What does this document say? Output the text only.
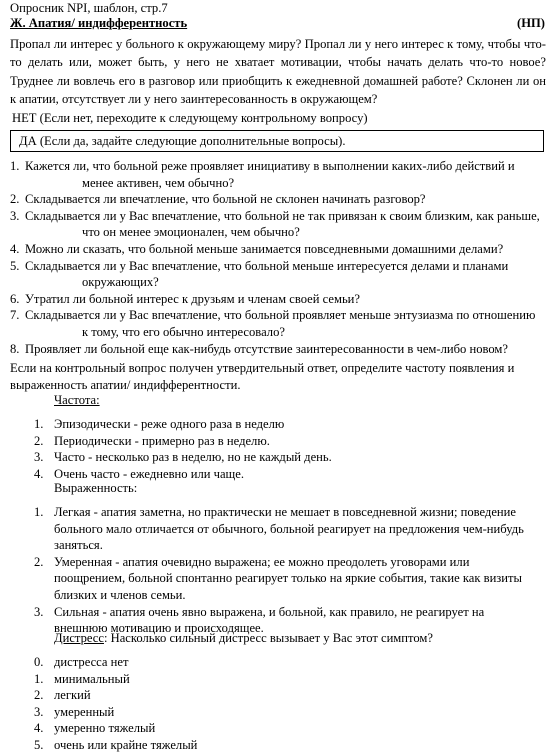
Опросник NPI, шаблон, стр.7
Ж. Апатия/ индифферентность	(НП)
Пропал ли интерес у больного к окружающему миру? Пропал ли у него интерес к тому, чтобы что-то делать или, может быть, у него не хватает мотивации, чтобы начать делать что-то новое? Труднее ли вовлечь его в разговор или приобщить к ежедневной домашней работе? Склонен ли он к апатии, отсутствует ли у него заинтересованность в окружающем?
НЕТ (Если нет, переходите к следующему контрольному вопросу)
ДА (Если да, задайте следующие дополнительные вопросы).
1. Кажется ли, что больной реже проявляет инициативу в выполнении каких-либо действий и
менее активен, чем обычно?
2. Складывается ли впечатление, что больной не склонен начинать разговор?
3. Складывается ли у Вас впечатление, что больной не так привязан к своим близким, как раньше,
что он менее эмоционален, чем обычно?
4. Можно ли сказать, что больной меньше занимается повседневными домашними делами?
5. Складывается ли у Вас впечатление, что больной меньше интересуется делами и планами
окружающих?
6. Утратил ли больной интерес к друзьям и членам своей семьи?
7. Складывается ли у Вас впечатление, что больной проявляет меньше энтузиазма по отношению
к тому, что его обычно интересовало?
8. Проявляет ли больной еще как-нибудь отсутствие заинтересованности в чем-либо новом?
Если на контрольный вопрос получен утвердительный ответ, определите частоту появления и выраженность апатии/ индифферентности.
Частота:
1. Эпизодически - реже одного раза в неделю
2. Периодически - примерно раз в неделю.
3. Часто - несколько раз в неделю, но не каждый день.
4. Очень часто - ежедневно или чаще.
Выраженность:
1. Легкая - апатия заметна, но практически не мешает в повседневной жизни; поведение больного мало отличается от обычного, больной реагирует на предложения чем-нибудь заняться.
2. Умеренная - апатия очевидно выражена; ее можно преодолеть уговорами или поощрением, больной спонтанно реагирует только на яркие события, такие как визиты близких и членов семьи.
3. Сильная - апатия очень явно выражена, и больной, как правило, не реагирует на внешнюю мотивацию и происходящее.
Дистресс: Насколько сильный дистресс вызывает у Вас этот симптом?
0. дистресса нет
1. минимальный
2. легкий
3. умеренный
4. умеренно тяжелый
5. очень или крайне тяжелый
